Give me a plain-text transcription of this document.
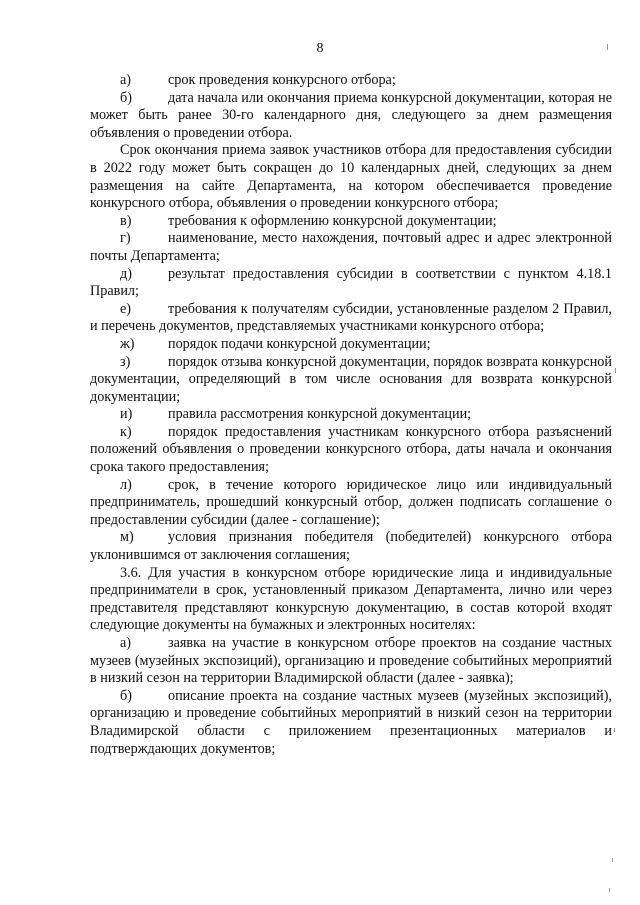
8

а)	срок проведения конкурсного отбора;

б)	дата начала или окончания приема конкурсной документации, которая не может быть ранее 30-го календарного дня, следующего за днем размещения объявления о проведении отбора.

Срок окончания приема заявок участников отбора для предоставления субсидии в 2022 году может быть сокращен до 10 календарных дней, следующих за днем размещения на сайте Департамента, на котором обеспечивается проведение конкурсного отбора, объявления о проведении конкурсного отбора;

в)	требования к оформлению конкурсной документации;

г)	наименование, место нахождения, почтовый адрес и адрес электронной почты Департамента;

д)	результат предоставления субсидии в соответствии с пунктом 4.18.1 Правил;

е)	требования к получателям субсидии, установленные разделом 2 Правил, и перечень документов, представляемых участниками конкурсного отбора;

ж) порядок подачи конкурсной документации;

з)	порядок отзыва конкурсной документации, порядок возврата конкурсной документации, определяющий в том числе основания для возврата конкурсной документации;

и)	правила рассмотрения конкурсной документации;

к)	порядок предоставления участникам конкурсного отбора разъяснений положений объявления о проведении конкурсного отбора, даты начала и окончания срока такого предоставления;

л)	срок, в течение которого юридическое лицо или индивидуальный предприниматель, прошедший конкурсный отбор, должен подписать соглашение о предоставлении субсидии (далее - соглашение);

м) условия признания победителя (победителей) конкурсного отбора уклонившимся от заключения соглашения;

3.6. Для участия в конкурсном отборе юридические лица и индивидуальные предприниматели в срок, установленный приказом Департамента, лично или через представителя представляют конкурсную документацию, в состав которой входят следующие документы на бумажных и электронных носителях:

а)	заявка на участие в конкурсном отборе проектов на создание частных музеев (музейных экспозиций), организацию и проведение событийных мероприятий в низкий сезон на территории Владимирской области (далее - заявка);

б)	описание проекта на создание частных музеев (музейных экспозиций), организацию и проведение событийных мероприятий в низкий сезон на территории Владимирской области с приложением презентационных материалов и подтверждающих документов;
